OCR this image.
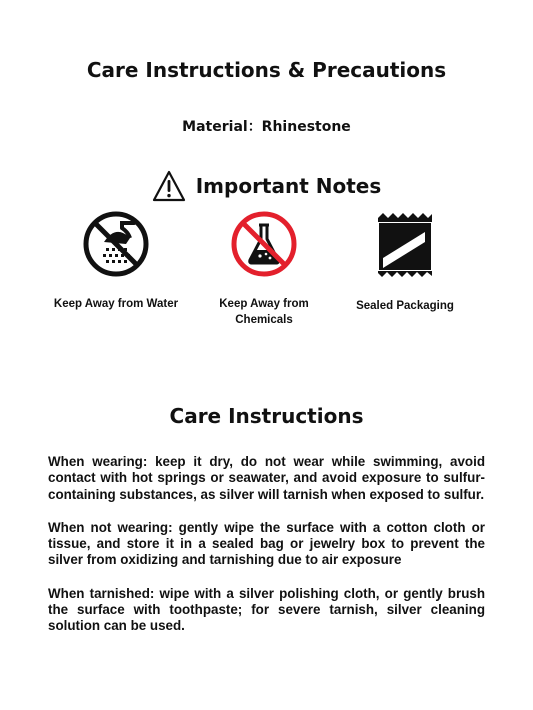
Care Instructions & Precautions
Material：Rhinestone
Important Notes
Keep Away from Water	Keep Away from Chemicals
Sealed Packaging
Care Instructions

When wearing: keep it dry, do not wear while swimming, avoid contact with hot springs or seawater, and avoid exposure to sulfur-containing substances, as silver will tarnish when exposed to sulfur.

When not wearing: gently wipe the surface with a cotton cloth or tissue, and store it in a sealed bag or jewelry box to prevent the silver from oxidizing and tarnishing due to air exposure

When tarnished: wipe with a silver polishing cloth, or gently brush the surface with toothpaste; for severe tarnish, silver cleaning solution can be used.
